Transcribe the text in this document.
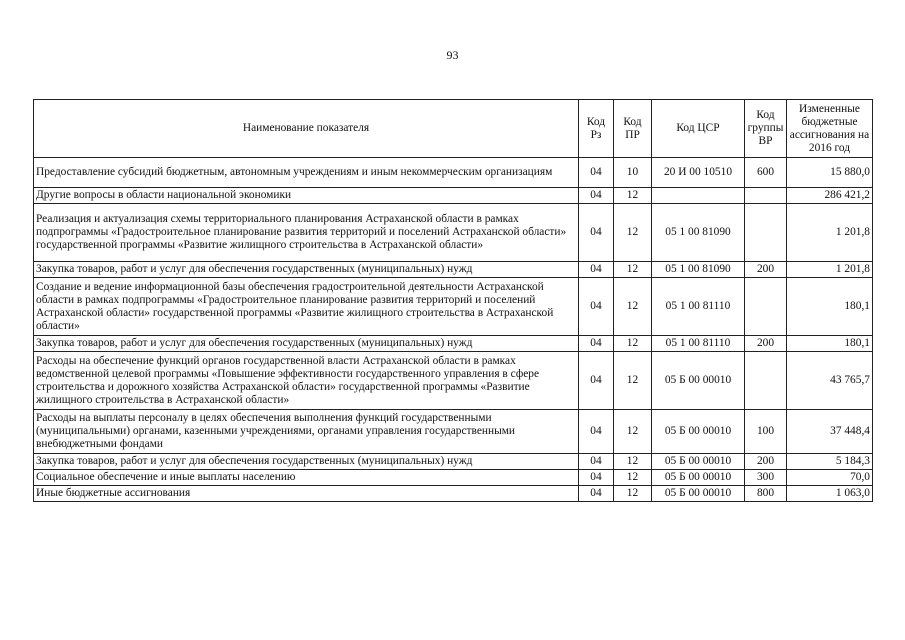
93
Наименование показателя	Код Рз	Код ПР	Код ЦСР	Код группы ВР	Измененные бюджетные ассигнования на 2016 год
Предоставление субсидий бюджетным, автономным учреждениям и иным некоммерческим организациям	04	10	20 И 00 10510	600	15 880,0
Другие вопросы в области национальной экономики	04	12			286 421,2
Реализация и актуализация схемы территориального планирования Астраханской области в рамках подпрограммы «Градостроительное планирование развития территорий и поселений Астраханской области» государственной программы «Развитие жилищного строительства в Астраханской области»	04	12	05 1 00 81090		1 201,8
Закупка товаров, работ и услуг для обеспечения государственных (муниципальных) нужд	04	12	05 1 00 81090	200	1 201,8
Создание и ведение информационной базы обеспечения градостроительной деятельности Астраханской области в рамках подпрограммы «Градостроительное планирование развития территорий и поселений Астраханской области» государственной программы «Развитие жилищного строительства в Астраханской области»	04	12	05 1 00 81110		180,1
Закупка товаров, работ и услуг для обеспечения государственных (муниципальных) нужд	04	12	05 1 00 81110	200	180,1
Расходы на обеспечение функций органов государственной власти Астраханской области в рамках ведомственной целевой программы «Повышение эффективности государственного управления в сфере строительства и дорожного хозяйства Астраханской области» государственной программы «Развитие жилищного строительства в Астраханской области»	04	12	05 Б 00 00010		43 765,7
Расходы на выплаты персоналу в целях обеспечения выполнения функций государственными (муниципальными) органами, казенными учреждениями, органами управления государственными внебюджетными фондами	04	12	05 Б 00 00010	100	37 448,4
Закупка товаров, работ и услуг для обеспечения государственных (муниципальных) нужд	04	12	05 Б 00 00010	200	5 184,3
Социальное обеспечение и иные выплаты населению	04	12	05 Б 00 00010	300	70,0
Иные бюджетные ассигнования	04	12	05 Б 00 00010	800	1 063,0
